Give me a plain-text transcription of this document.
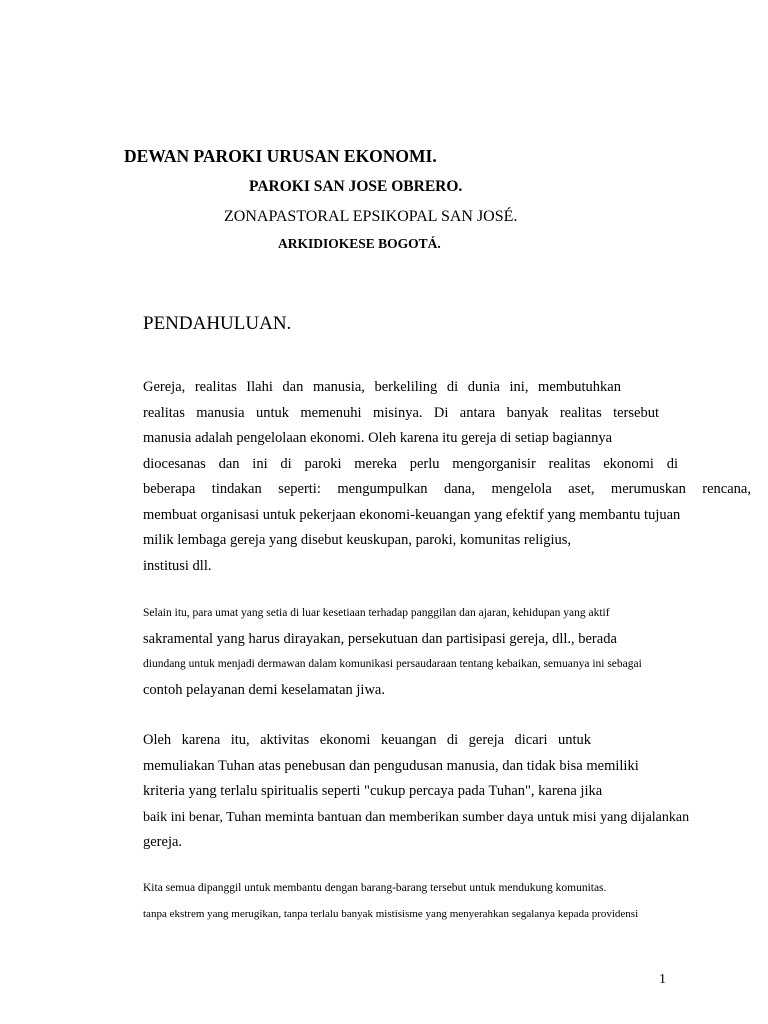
DEWAN PAROKI URUSAN EKONOMI.
PAROKI SAN JOSE OBRERO.
ZONAPASTORAL EPSIKOPAL SAN JOSÉ.
ARKIDIOKESE BOGOTÁ.
PENDAHULUAN.
Gereja, realitas Ilahi dan manusia, berkeliling di dunia ini, membutuhkan
realitas manusia untuk memenuhi misinya. Di antara banyak realitas tersebut
manusia adalah pengelolaan ekonomi. Oleh karena itu gereja di setiap bagiannya
diocesanas dan ini di paroki mereka perlu mengorganisir realitas ekonomi di
beberapa tindakan seperti: mengumpulkan dana, mengelola aset, merumuskan rencana,
membuat organisasi untuk pekerjaan ekonomi-keuangan yang efektif yang membantu tujuan
milik lembaga gereja yang disebut keuskupan, paroki, komunitas religius,
institusi dll.
Selain itu, para umat yang setia di luar kesetiaan terhadap panggilan dan ajaran, kehidupan yang aktif
sakramental yang harus dirayakan, persekutuan dan partisipasi gereja, dll., berada
diundang untuk menjadi dermawan dalam komunikasi persaudaraan tentang kebaikan, semuanya ini sebagai
contoh pelayanan demi keselamatan jiwa.
Oleh karena itu, aktivitas ekonomi keuangan di gereja dicari untuk
memuliakan Tuhan atas penebusan dan pengudusan manusia, dan tidak bisa memiliki
kriteria yang terlalu spiritualis seperti "cukup percaya pada Tuhan", karena jika
baik ini benar, Tuhan meminta bantuan dan memberikan sumber daya untuk misi yang dijalankan
gereja.
Kita semua dipanggil untuk membantu dengan barang-barang tersebut untuk mendukung komunitas.
tanpa ekstrem yang merugikan, tanpa terlalu banyak mistisisme yang menyerahkan segalanya kepada providensi
1
